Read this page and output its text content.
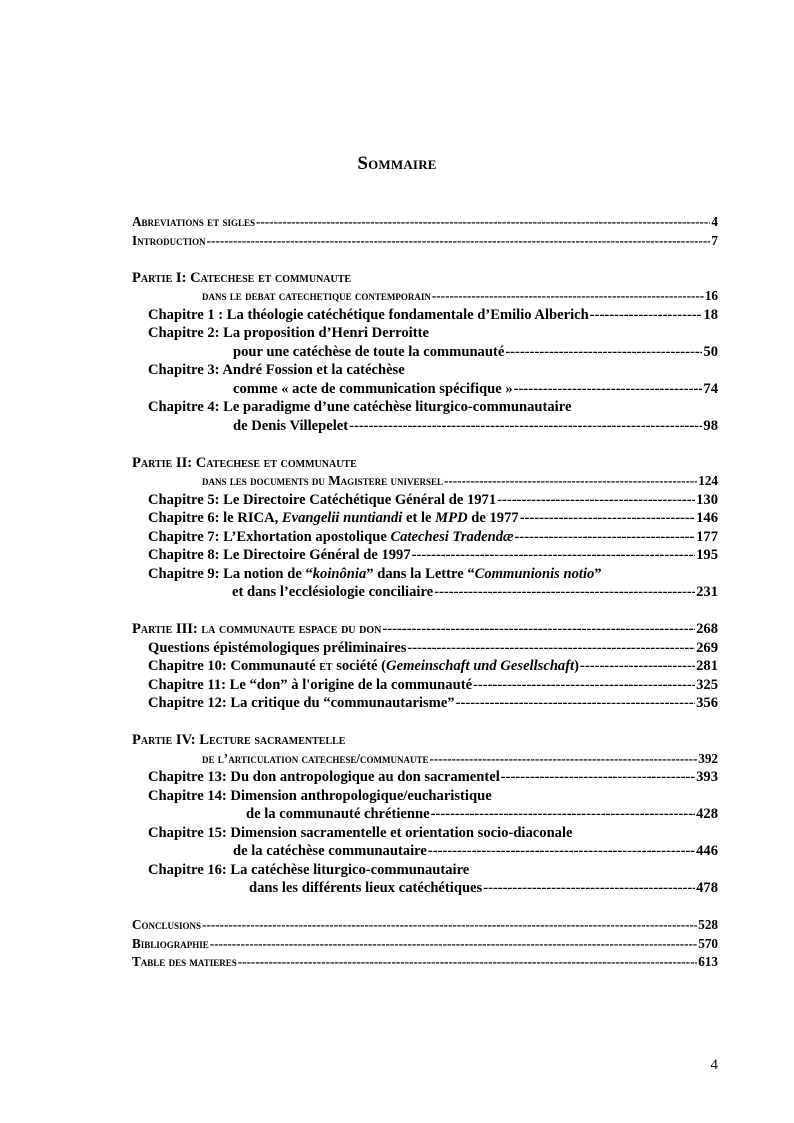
Sommaire
Abreviations et sigles -----	4
Introduction -----	7
Partie I: Catechese et communaute
dans le debat catechetique contemporain -----	16
Chapitre 1 : La théologie catéchétique fondamentale d’Emilio Alberich -----	18
Chapitre 2: La proposition d’Henri Derroitte
pour une catéchèse de toute la communauté -----	50
Chapitre 3: André Fossion et la catéchèse
comme « acte de communication spécifique » -----	74
Chapitre 4: Le paradigme d’une catéchèse liturgico-communautaire
de Denis Villepelet -----	98
Partie II: Catechese et communaute
dans les documents du Magistere universel -----	124
Chapitre 5: Le Directoire Catéchétique Général de 1971 -----	130
Chapitre 6: le RICA, Evangelii nuntiandi et le MPD de 1977 -----	146
Chapitre 7: L’Exhortation apostolique Catechesi Tradendæ -----	177
Chapitre 8: Le Directoire Général de 1997 -----	195
Chapitre 9: La notion de “koinônia” dans la Lettre “Communionis notio”
et dans l’ecclésiologie conciliaire -----	231
Partie III: la communaute espace du don -----	268
Questions épistémologiques préliminaires -----	269
Chapitre 10: Communauté et société (Gemeinschaft und Gesellschaft) -----	281
Chapitre 11: Le “don” à l'origine de la communauté -----	325
Chapitre 12: La critique du “communautarisme” -----	356
Partie IV: Lecture sacramentelle
de l’articulation catechese/communaute -----	392
Chapitre 13: Du don antropologique au don sacramentel -----	393
Chapitre 14: Dimension anthropologique/eucharistique
de la communauté chrétienne -----	428
Chapitre 15: Dimension sacramentelle et orientation socio-diaconale
de la catéchèse communautaire -----	446
Chapitre 16: La catéchèse liturgico-communautaire
dans les différents lieux catéchétiques -----	478
Conclusions -----	528
Bibliographie -----	570
Table des matieres -----	613
4
